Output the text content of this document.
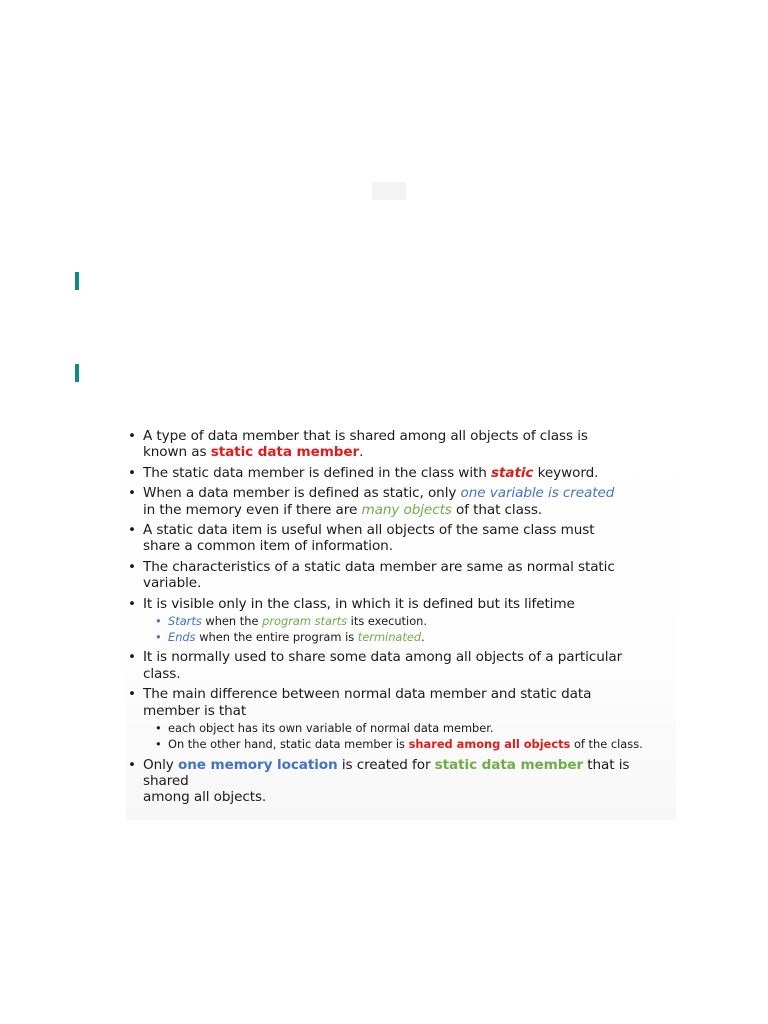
• A type of data member that is shared among all objects of class is
known as static data member.
• The static data member is defined in the class with static keyword.
• When a data member is defined as static, only one variable is created
in the memory even if there are many objects of that class.
• A static data item is useful when all objects of the same class must
share a common item of information.
• The characteristics of a static data member are same as normal static
variable.
• It is visible only in the class, in which it is defined but its lifetime
• Starts when the program starts its execution.
• Ends when the entire program is terminated.
• It is normally used to share some data among all objects of a particular
class.
• The main difference between normal data member and static data
member is that
• each object has its own variable of normal data member.
• On the other hand, static data member is shared among all objects of the class.
• Only one memory location is created for static data member that is shared
among all objects.
